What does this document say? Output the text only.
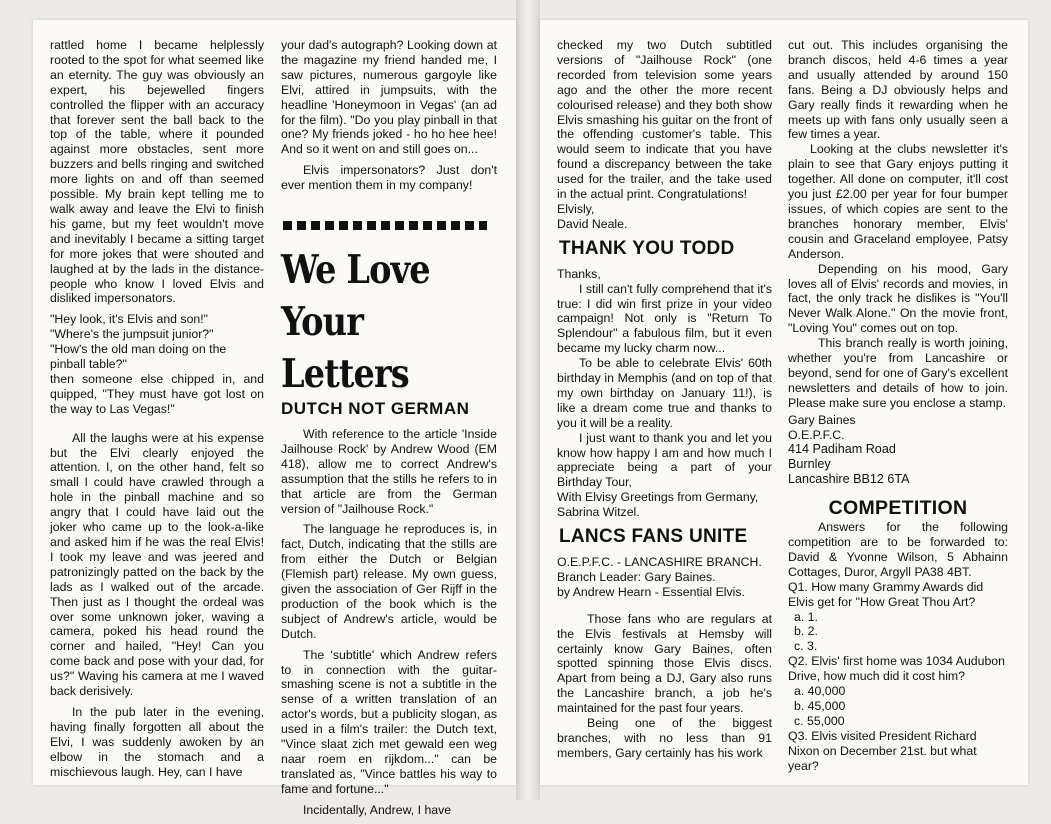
rattled home I became helplessly rooted to the spot for what seemed like an eternity. The guy was obviously an expert, his bejewelled fingers controlled the flipper with an accuracy that forever sent the ball back to the top of the table, where it pounded against more obstacles, sent more buzzers and bells ringing and switched more lights on and off than seemed possible. My brain kept telling me to walk away and leave the Elvi to finish his game, but my feet wouldn't move and inevitably I became a sitting target for more jokes that were shouted and laughed at by the lads in the distance-people who know I loved Elvis and disliked impersonators.

"Hey look, it's Elvis and son!"
"Where's the jumpsuit junior?"
"How's the old man doing on the pinball table?"

then someone else chipped in, and quipped, "They must have got lost on the way to Las Vegas!"

All the laughs were at his expense but the Elvi clearly enjoyed the attention. I, on the other hand, felt so small I could have crawled through a hole in the pinball machine and so angry that I could have laid out the joker who came up to the look-a-like and asked him if he was the real Elvis! I took my leave and was jeered and patronizingly patted on the back by the lads as I walked out of the arcade. Then just as I thought the ordeal was over some unknown joker, waving a camera, poked his head round the corner and hailed, "Hey! Can you come back and pose with your dad, for us?" Waving his camera at me I waved back derisively.

In the pub later in the evening, having finally forgotten all about the Elvi, I was suddenly awoken by an elbow in the stomach and a mischievous laugh. Hey, can I have

your dad's autograph? Looking down at the magazine my friend handed me, I saw pictures, numerous gargoyle like Elvi, attired in jumpsuits, with the headline 'Honeymoon in Vegas' (an ad for the film). "Do you play pinball in that one? My friends joked - ho ho hee hee! And so it went on and still goes on...

Elvis impersonators? Just don't ever mention them in my company!

We Love
Your Letters
DUTCH NOT GERMAN

With reference to the article 'Inside Jailhouse Rock' by Andrew Wood (EM 418), allow me to correct Andrew's assumption that the stills he refers to in that article are from the German version of "Jailhouse Rock."

The language he reproduces is, in fact, Dutch, indicating that the stills are from either the Dutch or Belgian (Flemish part) release. My own guess, given the association of Ger Rijff in the production of the book which is the subject of Andrew's article, would be Dutch.

The 'subtitle' which Andrew refers to in connection with the guitar-smashing scene is not a subtitle in the sense of a written translation of an actor's words, but a publicity slogan, as used in a film's trailer: the Dutch text, "Vince slaat zich met gewald een weg naar roem en rijkdom..." can be translated as, "Vince battles his way to fame and fortune..."

Incidentally, Andrew, I have

checked my two Dutch subtitled versions of "Jailhouse Rock" (one recorded from television some years ago and the other the more recent colourised release) and they both show Elvis smashing his guitar on the front of the offending customer's table. This would seem to indicate that you have found a discrepancy between the take used for the trailer, and the take used in the actual print. Congratulations!

Elvisly,
David Neale.
THANK YOU TODD
Thanks,

I still can't fully comprehend that it's true: I did win first prize in your video campaign! Not only is "Return To Splendour" a fabulous film, but it even became my lucky charm now...

To be able to celebrate Elvis' 60th birthday in Memphis (and on top of that my own birthday on January 11!), is like a dream come true and thanks to you it will be a reality.

I just want to thank you and let you know how happy I am and how much I appreciate being a part of your Birthday Tour,

With Elvisy Greetings from Germany,
Sabrina Witzel.
LANCS FANS UNITE
O.E.P.F.C. - LANCASHIRE BRANCH.
Branch Leader: Gary Baines.
by Andrew Hearn - Essential Elvis.

Those fans who are regulars at the Elvis festivals at Hemsby will certainly know Gary Baines, often spotted spinning those Elvis discs. Apart from being a DJ, Gary also runs the Lancashire branch, a job he's maintained for the past four years.

Being one of the biggest branches, with no less than 91 members, Gary certainly has his work

cut out. This includes organising the branch discos, held 4-6 times a year and usually attended by around 150 fans. Being a DJ obviously helps and Gary really finds it rewarding when he meets up with fans only usually seen a few times a year.

Looking at the clubs newsletter it's plain to see that Gary enjoys putting it together. All done on computer, it'll cost you just £2.00 per year for four bumper issues, of which copies are sent to the branches honorary member, Elvis' cousin and Graceland employee, Patsy Anderson.

Depending on his mood, Gary loves all of Elvis' records and movies, in fact, the only track he dislikes is "You'll Never Walk Alone." On the movie front, "Loving You" comes out on top.

This branch really is worth joining, whether you're from Lancashire or beyond, send for one of Gary's excellent newsletters and details of how to join. Please make sure you enclose a stamp.

Gary Baines
O.E.P.F.C.
414 Padiham Road
Burnley
Lancashire BB12 6TA
COMPETITION

Answers for the following competition are to be forwarded to: David & Yvonne Wilson, 5 Abhainn Cottages, Duror, Argyll PA38 4BT.

Q1. How many Grammy Awards did Elvis get for "How Great Thou Art?
a. 1.
b. 2.
c. 3.
Q2. Elvis' first home was 1034 Audubon Drive, how much did it cost him?
a. 40,000
b. 45,000
c. 55,000
Q3. Elvis visited President Richard Nixon on December 21st. but what year?
